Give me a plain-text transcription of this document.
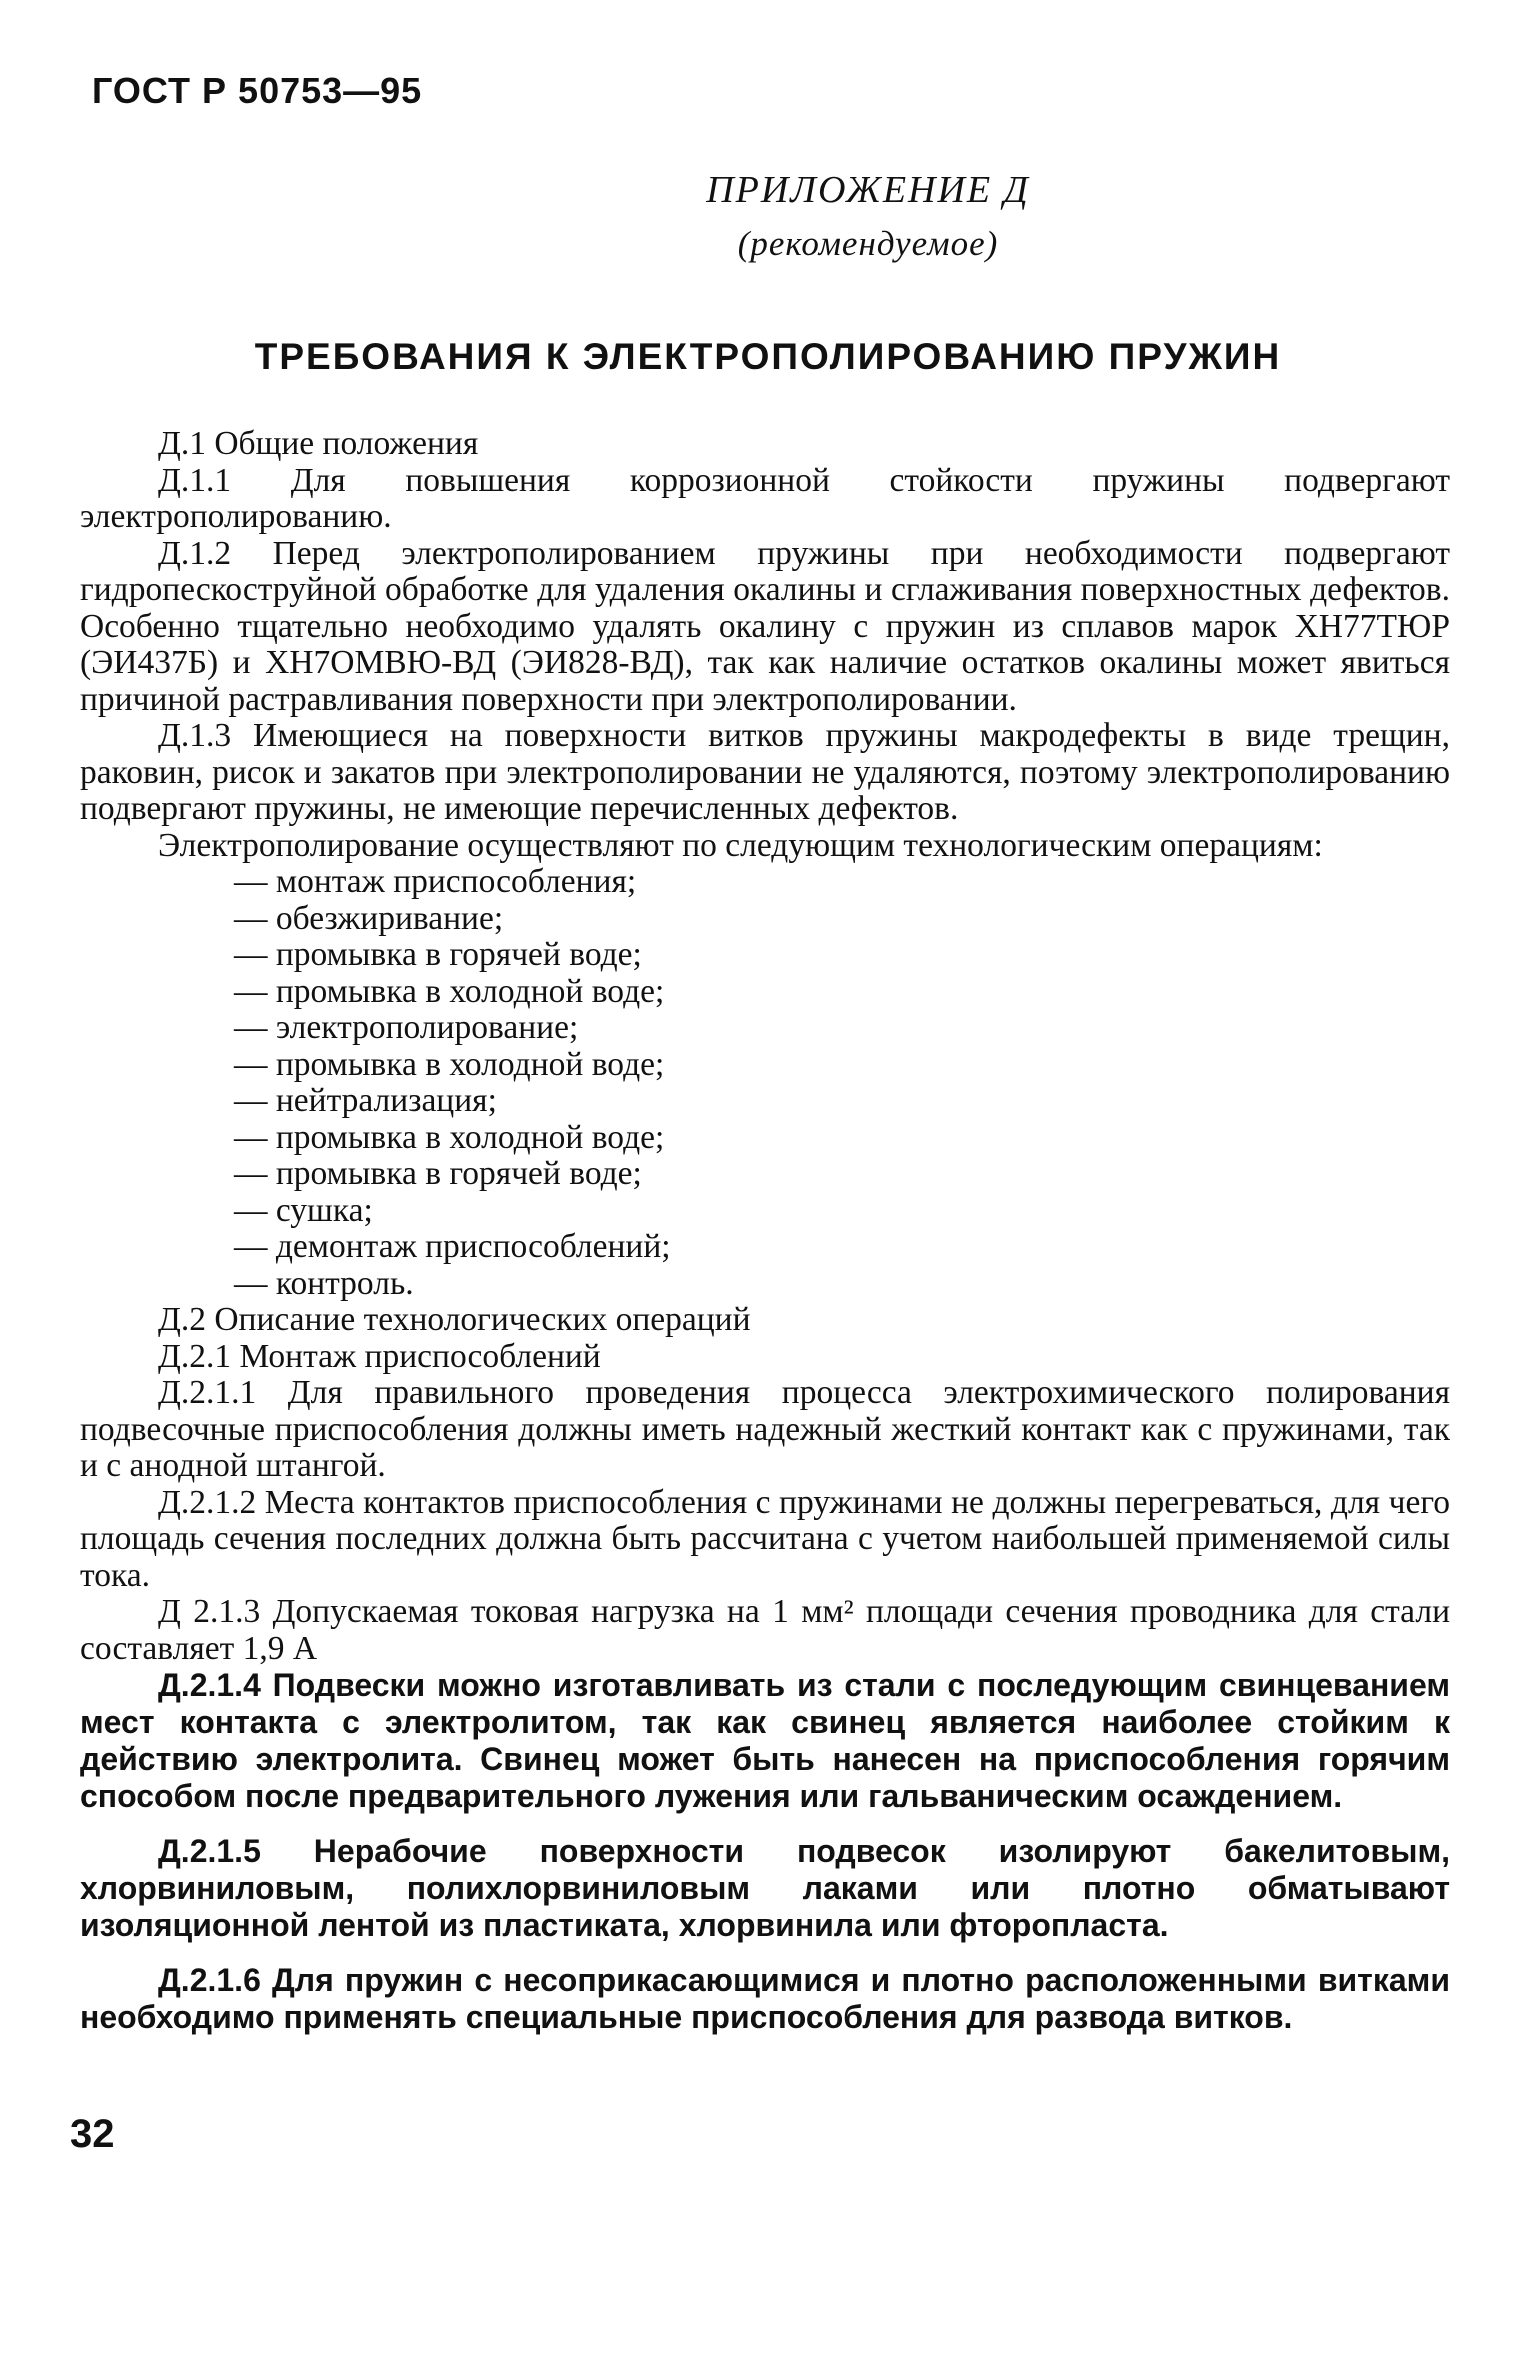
ГОСТ Р 50753—95
ПРИЛОЖЕНИЕ Д
(рекомендуемое)
ТРЕБОВАНИЯ К ЭЛЕКТРОПОЛИРОВАНИЮ ПРУЖИН

Д.1 Общие положения

Д.1.1 Для повышения коррозионной стойкости пружины подвергают электрополированию.

Д.1.2 Перед электрополированием пружины при необходимости подвергают гидропескоструйной обработке для удаления окалины и сглаживания поверхностных дефектов. Особенно тщательно необходимо удалять окалину с пружин из сплавов марок ХН77ТЮР (ЭИ437Б) и ХН7ОМВЮ-ВД (ЭИ828-ВД), так как наличие остатков окалины может явиться причиной растравливания поверхности при электрополировании.

Д.1.3 Имеющиеся на поверхности витков пружины макродефекты в виде трещин, раковин, рисок и закатов при электрополировании не удаляются, поэтому электрополированию подвергают пружины, не имеющие перечисленных дефектов.

Электрополирование осуществляют по следующим технологическим операциям:

— монтаж приспособления;

— обезжиривание;

— промывка в горячей воде;

— промывка в холодной воде;

— электрополирование;

— промывка в холодной воде;

— нейтрализация;

— промывка в холодной воде;

— промывка в горячей воде;

— сушка;

— демонтаж приспособлений;

— контроль.

Д.2 Описание технологических операций

Д.2.1 Монтаж приспособлений

Д.2.1.1 Для правильного проведения процесса электрохимического полирования подвесочные приспособления должны иметь надежный жесткий контакт как с пружинами, так и с анодной штангой.

Д.2.1.2 Места контактов приспособления с пружинами не должны перегреваться, для чего площадь сечения последних должна быть рассчитана с учетом наибольшей применяемой силы тока.

Д 2.1.3 Допускаемая токовая нагрузка на 1 мм² площади сечения проводника для стали составляет 1,9 А

Д.2.1.4 Подвески можно изготавливать из стали с последующим свинцеванием мест контакта с электролитом, так как свинец является наиболее стойким к действию электролита. Свинец может быть нанесен на приспособления горячим способом после предварительного лужения или гальваническим осаждением.

Д.2.1.5 Нерабочие поверхности подвесок изолируют бакелитовым, хлорвиниловым, полихлорвиниловым лаками или плотно обматывают изоляционной лентой из пластиката, хлорвинила или фторопласта.

Д.2.1.6 Для пружин с несоприкасающимися и плотно расположенными витками необходимо применять специальные приспособления для развода витков.

32
